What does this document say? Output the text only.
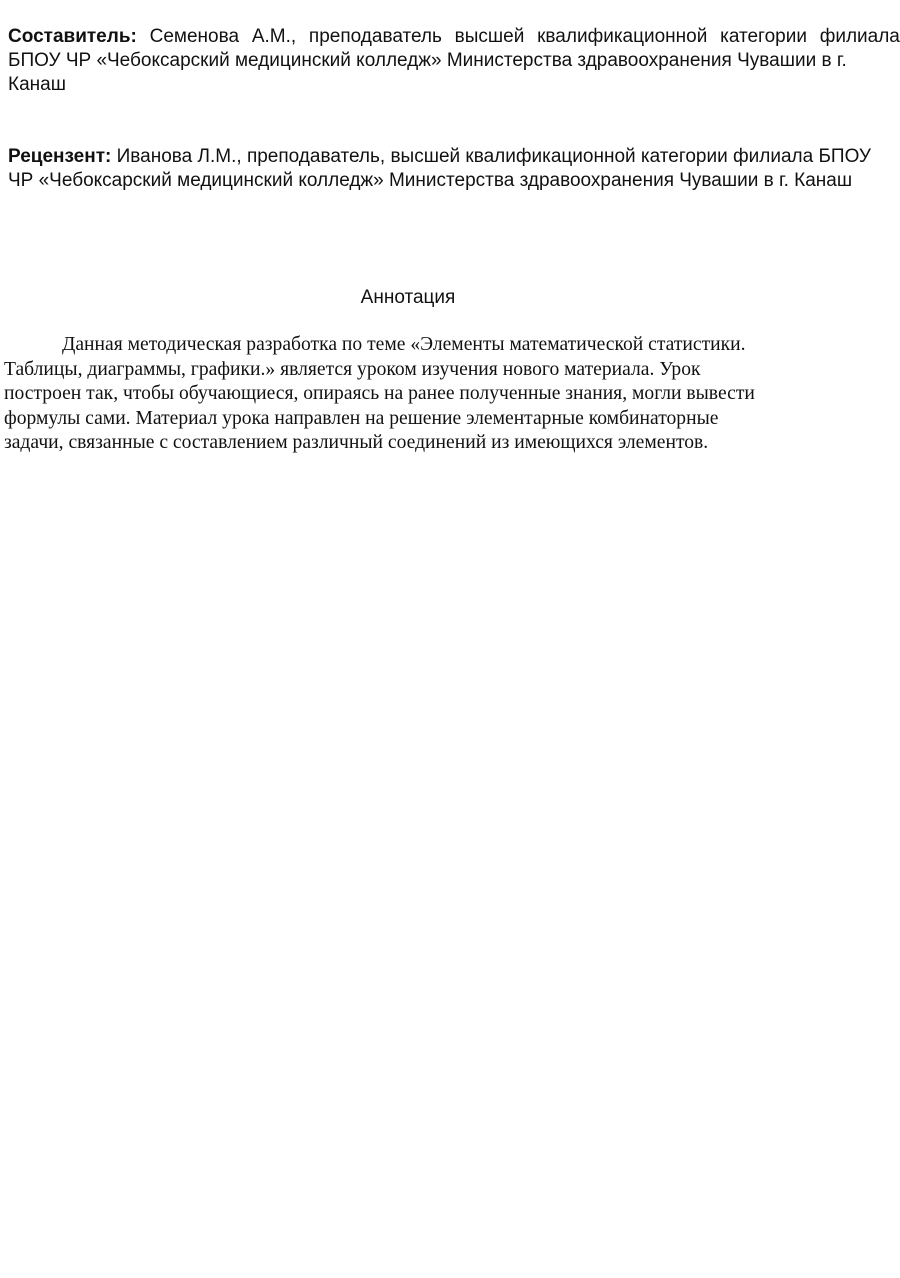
Составитель: Семенова А.М., преподаватель высшей квалификационной категории филиала
БПОУ ЧР «Чебоксарский медицинский колледж» Министерства здравоохранения Чувашии в г.
Канаш
Рецензент: Иванова Л.М., преподаватель, высшей квалификационной категории филиала БПОУ
ЧР «Чебоксарский медицинский колледж» Министерства здравоохранения Чувашии в г. Канаш
Аннотация
Данная методическая разработка по теме «Элементы математической статистики.
Таблицы, диаграммы, графики.» является уроком изучения нового материала. Урок
построен так, чтобы обучающиеся, опираясь на ранее полученные знания, могли вывести
формулы сами. Материал урока направлен на решение элементарные комбинаторные
задачи, связанные с составлением различный соединений из имеющихся элементов.
